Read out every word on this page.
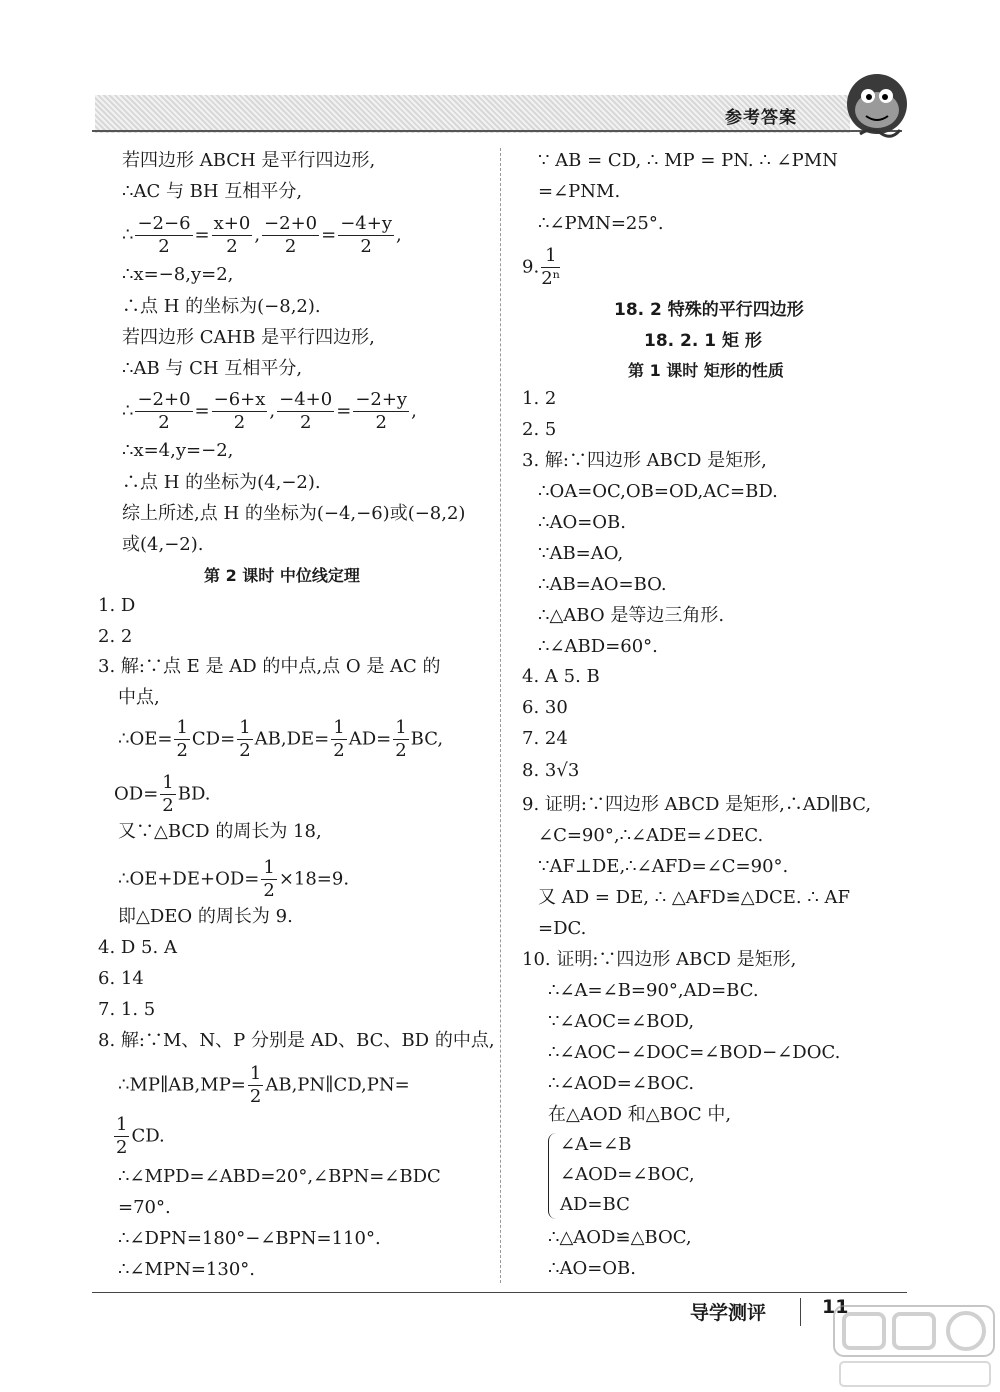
参考答案
若四边形 ABCH 是平行四边形,
∴AC 与 BH 互相平分,
∴ $\frac{-2-6}{2} = \frac{x+0}{2}$ , $\frac{-2+0}{2} = \frac{-4+y}{2}$ ,
∴x=−8,y=2,
∴点 H 的坐标为(−8,2).
若四边形 CAHB 是平行四边形,
∴AB 与 CH 互相平分,
∴ $\frac{-2+0}{2} = \frac{-6+x}{2}$ , $\frac{-4+0}{2} = \frac{-2+y}{2}$ ,
∴x=4,y=−2,
∴点 H 的坐标为(4,−2).
综上所述,点 H 的坐标为(−4,−6)或(−8,2)
或(4,−2).
第 2 课时 中位线定理
1. D
2. 2
3. 解:∵点 E 是 AD 的中点,点 O 是 AC 的
中点,
∴OE= $\frac{1}{2} CD= \frac{1}{2} AB,DE= \frac{1}{2} AD= \frac{1}{2}$ BC,
$OD= \frac{1}{2}$ BD.
又∵△BCD 的周长为 18,
∴OE+DE+OD= $\frac{1}{2} \times 18=9$.
即△DEO 的周长为 9.
4. D 5. A
6. 14
7. 1. 5
8. 解:∵M、N、P 分别是 AD、BC、BD 的中点,
∴MP∥AB,MP= $\frac{1}{2}$ AB,PN∥CD,PN=
$\frac{1}{2}$ CD.
∴∠MPD=∠ABD=20°,∠BPN=∠BDC
=70°.
∴∠DPN=180°−∠BPN=110°.
∴∠MPN=130°.
∵ AB = CD, ∴ MP = PN. ∴ ∠PMN
=∠PNM.
∴∠PMN=25°.
9. $\frac{1}{\text{2ⁿ}}$
18. 2 特殊的平行四边形
18. 2. 1 矩 形
第 1 课时 矩形的性质
1. 2
2. 5
3. 解:∵四边形 ABCD 是矩形,
∴OA=OC,OB=OD,AC=BD.
∴AO=OB.
∵AB=AO,
∴AB=AO=BO.
∴△ABO 是等边三角形.
∴∠ABD=60°.
4. A 5. B
6. 30
7. 24
8. 3√3
9. 证明:∵四边形 ABCD 是矩形,∴AD∥BC,
∠C=90°,∴∠ADE=∠DEC.
∵AF⊥DE,∴∠AFD=∠C=90°.
又 AD = DE, ∴ △AFD≌△DCE. ∴ AF
=DC.
10. 证明:∵四边形 ABCD 是矩形,
∴∠A=∠B=90°,AD=BC.
∵∠AOC=∠BOD,
∴∠AOC−∠DOC=∠BOD−∠DOC.
∴∠AOD=∠BOC.
在△AOD 和△BOC 中,
∠A=∠B
∠AOD=∠BOC,
AD=BC
∴△AOD≌△BOC,
∴AO=OB.
导学测评	11
